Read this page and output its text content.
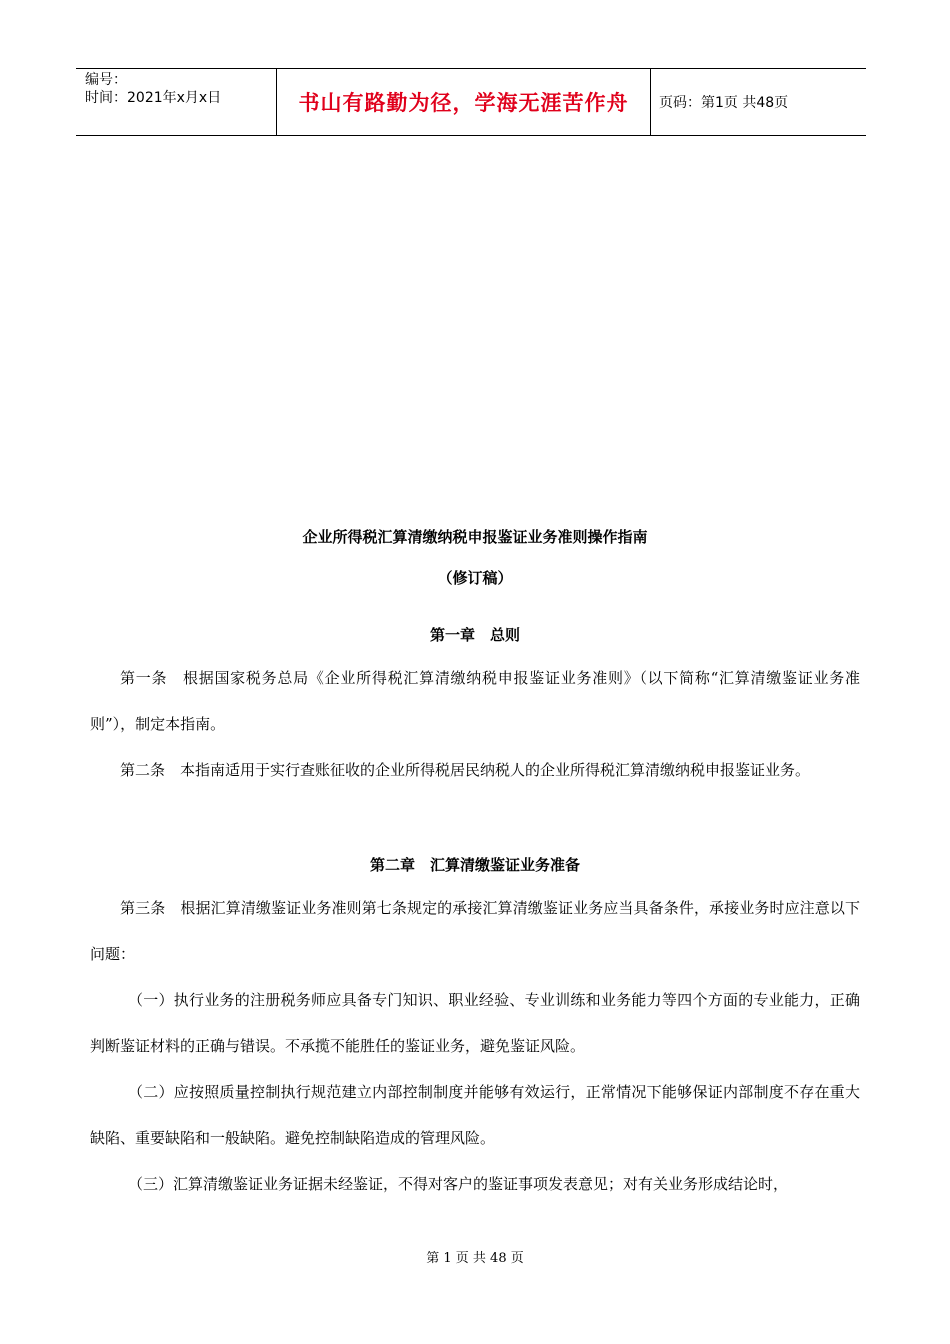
编号：
时间：2021年x月x日	书山有路勤为径，学海无涯苦作舟 页码：第1页 共48页
企业所得税汇算清缴纳税申报鉴证业务准则操作指南
（修订稿）
第一章　总则
第一条　根据国家税务总局《企业所得税汇算清缴纳税申报鉴证业务准则》（以下简称“汇算清缴鉴证业务准则”），制定本指南。
第二条　本指南适用于实行查账征收的企业所得税居民纳税人的企业所得税汇算清缴纳税申报鉴证业务。
第二章　汇算清缴鉴证业务准备
第三条　根据汇算清缴鉴证业务准则第七条规定的承接汇算清缴鉴证业务应当具备条件，承接业务时应注意以下问题：
（一）执行业务的注册税务师应具备专门知识、职业经验、专业训练和业务能力等四个方面的专业能力，正确判断鉴证材料的正确与错误。不承揽不能胜任的鉴证业务，避免鉴证风险。
（二）应按照质量控制执行规范建立内部控制制度并能够有效运行，正常情况下能够保证内部制度不存在重大缺陷、重要缺陷和一般缺陷。避免控制缺陷造成的管理风险。
（三）汇算清缴鉴证业务证据未经鉴证，不得对客户的鉴证事项发表意见；对有关业务形成结论时，
第 1 页 共 48 页
